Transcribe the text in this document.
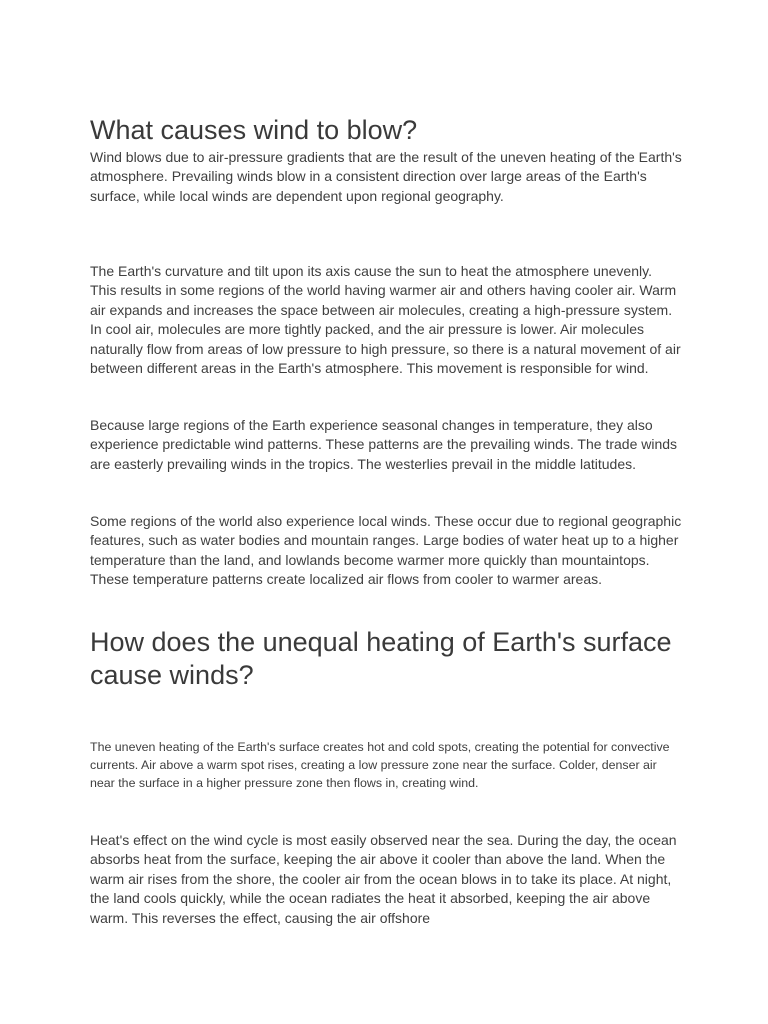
What causes wind to blow?

Wind blows due to air-pressure gradients that are the result of the uneven heating of the Earth's atmosphere. Prevailing winds blow in a consistent direction over large areas of the Earth's surface, while local winds are dependent upon regional geography.

The Earth's curvature and tilt upon its axis cause the sun to heat the atmosphere unevenly. This results in some regions of the world having warmer air and others having cooler air. Warm air expands and increases the space between air molecules, creating a high-pressure system. In cool air, molecules are more tightly packed, and the air pressure is lower. Air molecules naturally flow from areas of low pressure to high pressure, so there is a natural movement of air between different areas in the Earth's atmosphere. This movement is responsible for wind.

Because large regions of the Earth experience seasonal changes in temperature, they also experience predictable wind patterns. These patterns are the prevailing winds. The trade winds are easterly prevailing winds in the tropics. The westerlies prevail in the middle latitudes.

Some regions of the world also experience local winds. These occur due to regional geographic features, such as water bodies and mountain ranges. Large bodies of water heat up to a higher temperature than the land, and lowlands become warmer more quickly than mountaintops. These temperature patterns create localized air flows from cooler to warmer areas.

How does the unequal heating of Earth's surface cause winds?

The uneven heating of the Earth's surface creates hot and cold spots, creating the potential for convective currents. Air above a warm spot rises, creating a low pressure zone near the surface. Colder, denser air near the surface in a higher pressure zone then flows in, creating wind.

Heat's effect on the wind cycle is most easily observed near the sea. During the day, the ocean absorbs heat from the surface, keeping the air above it cooler than above the land. When the warm air rises from the shore, the cooler air from the ocean blows in to take its place. At night, the land cools quickly, while the ocean radiates the heat it absorbed, keeping the air above warm. This reverses the effect, causing the air offshore
